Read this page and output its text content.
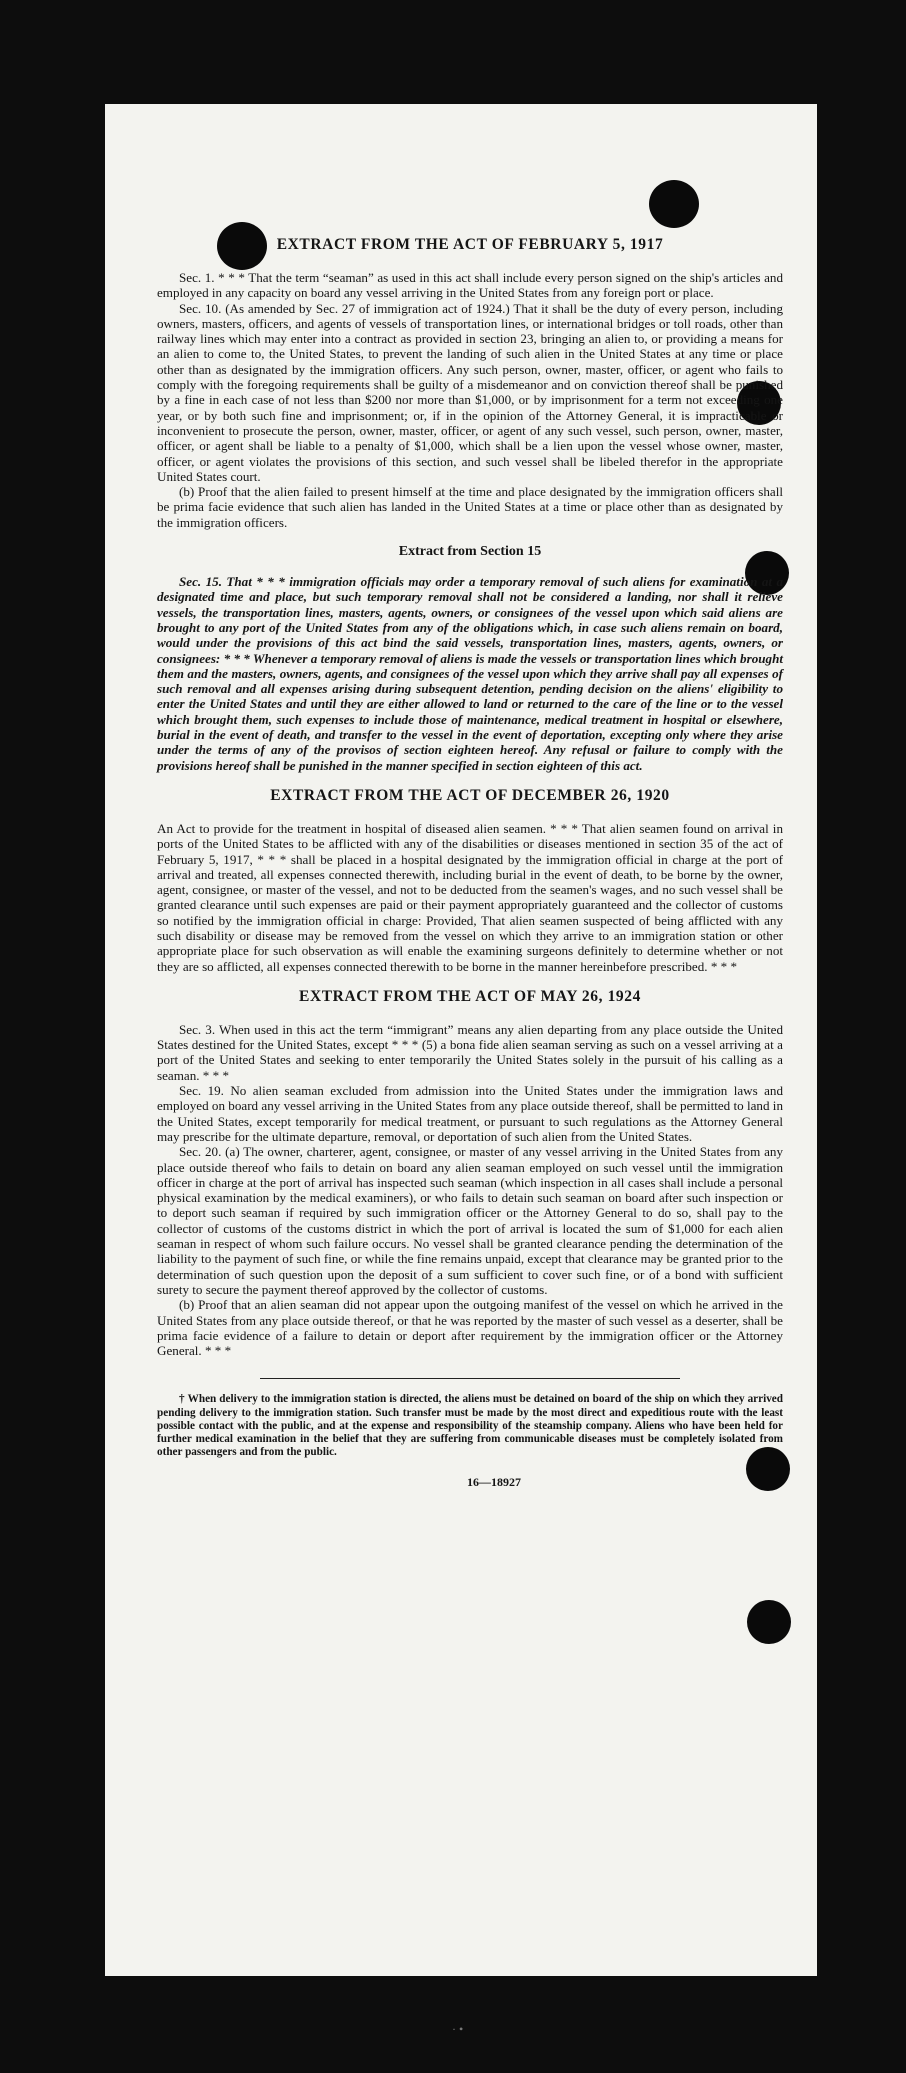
EXTRACT FROM THE ACT OF FEBRUARY 5, 1917

Sec. 1. * * * That the term “seaman” as used in this act shall include every person signed on the ship's articles and employed in any capacity on board any vessel arriving in the United States from any foreign port or place.

Sec. 10. (As amended by Sec. 27 of immigration act of 1924.) That it shall be the duty of every person, including owners, masters, officers, and agents of vessels of transportation lines, or international bridges or toll roads, other than railway lines which may enter into a contract as provided in section 23, bringing an alien to, or providing a means for an alien to come to, the United States, to prevent the landing of such alien in the United States at any time or place other than as designated by the immigration officers. Any such person, owner, master, officer, or agent who fails to comply with the foregoing requirements shall be guilty of a misdemeanor and on conviction thereof shall be punished by a fine in each case of not less than $200 nor more than $1,000, or by imprisonment for a term not exceeding one year, or by both such fine and imprisonment; or, if in the opinion of the Attorney General, it is impracticable or inconvenient to prosecute the person, owner, master, officer, or agent of any such vessel, such person, owner, master, officer, or agent shall be liable to a penalty of $1,000, which shall be a lien upon the vessel whose owner, master, officer, or agent violates the provisions of this section, and such vessel shall be libeled therefor in the appropriate United States court.

(b) Proof that the alien failed to present himself at the time and place designated by the immigration officers shall be prima facie evidence that such alien has landed in the United States at a time or place other than as designated by the immigration officers.

Extract from Section 15

Sec. 15. That * * * immigration officials may order a temporary removal of such aliens for examination at a designated time and place, but such temporary removal shall not be considered a landing, nor shall it relieve vessels, the transportation lines, masters, agents, owners, or consignees of the vessel upon which said aliens are brought to any port of the United States from any of the obligations which, in case such aliens remain on board, would under the provisions of this act bind the said vessels, transportation lines, masters, agents, owners, or consignees: * * * Whenever a temporary removal of aliens is made the vessels or transportation lines which brought them and the masters, owners, agents, and consignees of the vessel upon which they arrive shall pay all expenses of such removal and all expenses arising during subsequent detention, pending decision on the aliens' eligibility to enter the United States and until they are either allowed to land or returned to the care of the line or to the vessel which brought them, such expenses to include those of maintenance, medical treatment in hospital or elsewhere, burial in the event of death, and transfer to the vessel in the event of deportation, excepting only where they arise under the terms of any of the provisos of section eighteen hereof. Any refusal or failure to comply with the provisions hereof shall be punished in the manner specified in section eighteen of this act.

EXTRACT FROM THE ACT OF DECEMBER 26, 1920

An Act to provide for the treatment in hospital of diseased alien seamen. * * * That alien seamen found on arrival in ports of the United States to be afflicted with any of the disabilities or diseases mentioned in section 35 of the act of February 5, 1917, * * * shall be placed in a hospital designated by the immigration official in charge at the port of arrival and treated, all expenses connected therewith, including burial in the event of death, to be borne by the owner, agent, consignee, or master of the vessel, and not to be deducted from the seamen's wages, and no such vessel shall be granted clearance until such expenses are paid or their payment appropriately guaranteed and the collector of customs so notified by the immigration official in charge: Provided, That alien seamen suspected of being afflicted with any such disability or disease may be removed from the vessel on which they arrive to an immigration station or other appropriate place for such observation as will enable the examining surgeons definitely to determine whether or not they are so afflicted, all expenses connected therewith to be borne in the manner hereinbefore prescribed. * * *

EXTRACT FROM THE ACT OF MAY 26, 1924

Sec. 3. When used in this act the term “immigrant” means any alien departing from any place outside the United States destined for the United States, except * * * (5) a bona fide alien seaman serving as such on a vessel arriving at a port of the United States and seeking to enter temporarily the United States solely in the pursuit of his calling as a seaman. * * *

Sec. 19. No alien seaman excluded from admission into the United States under the immigration laws and employed on board any vessel arriving in the United States from any place outside thereof, shall be permitted to land in the United States, except temporarily for medical treatment, or pursuant to such regulations as the Attorney General may prescribe for the ultimate departure, removal, or deportation of such alien from the United States.

Sec. 20. (a) The owner, charterer, agent, consignee, or master of any vessel arriving in the United States from any place outside thereof who fails to detain on board any alien seaman employed on such vessel until the immigration officer in charge at the port of arrival has inspected such seaman (which inspection in all cases shall include a personal physical examination by the medical examiners), or who fails to detain such seaman on board after such inspection or to deport such seaman if required by such immigration officer or the Attorney General to do so, shall pay to the collector of customs of the customs district in which the port of arrival is located the sum of $1,000 for each alien seaman in respect of whom such failure occurs. No vessel shall be granted clearance pending the determination of the liability to the payment of such fine, or while the fine remains unpaid, except that clearance may be granted prior to the determination of such question upon the deposit of a sum sufficient to cover such fine, or of a bond with sufficient surety to secure the payment thereof approved by the collector of customs.

(b) Proof that an alien seaman did not appear upon the outgoing manifest of the vessel on which he arrived in the United States from any place outside thereof, or that he was reported by the master of such vessel as a deserter, shall be prima facie evidence of a failure to detain or deport after requirement by the immigration officer or the Attorney General. * * *

† When delivery to the immigration station is directed, the aliens must be detained on board of the ship on which they arrived pending delivery to the immigration station. Such transfer must be made by the most direct and expeditious route with the least possible contact with the public, and at the expense and responsibility of the steamship company. Aliens who have been held for further medical examination in the belief that they are suffering from communicable diseases must be completely isolated from other passengers and from the public.

16—18927
· •
